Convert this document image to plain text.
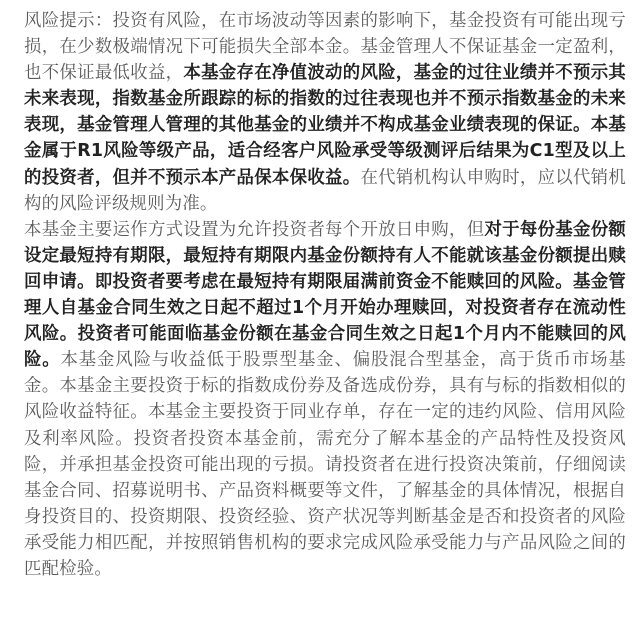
风险提示：投资有风险，在市场波动等因素的影响下，基金投资有可能出现亏损，在少数极端情况下可能损失全部本金。基金管理人不保证基金一定盈利，也不保证最低收益，本基金存在净值波动的风险，基金的过往业绩并不预示其未来表现，指数基金所跟踪的标的指数的过往表现也并不预示指数基金的未来表现，基金管理人管理的其他基金的业绩并不构成基金业绩表现的保证。本基金属于R1风险等级产品，适合经客户风险承受等级测评后结果为C1型及以上的投资者，但并不预示本产品保本保收益。在代销机构认申购时，应以代销机构的风险评级规则为准。

本基金主要运作方式设置为允许投资者每个开放日申购，但对于每份基金份额设定最短持有期限，最短持有期限内基金份额持有人不能就该基金份额提出赎回申请。即投资者要考虑在最短持有期限届满前资金不能赎回的风险。基金管理人自基金合同生效之日起不超过1个月开始办理赎回，对投资者存在流动性风险。投资者可能面临基金份额在基金合同生效之日起1个月内不能赎回的风险。本基金风险与收益低于股票型基金、偏股混合型基金，高于货币市场基金。本基金主要投资于标的指数成份券及备选成份券，具有与标的指数相似的风险收益特征。本基金主要投资于同业存单，存在一定的违约风险、信用风险及利率风险。投资者投资本基金前，需充分了解本基金的产品特性及投资风险，并承担基金投资可能出现的亏损。请投资者在进行投资决策前，仔细阅读基金合同、招募说明书、产品资料概要等文件，了解基金的具体情况，根据自身投资目的、投资期限、投资经验、资产状况等判断基金是否和投资者的风险承受能力相匹配，并按照销售机构的要求完成风险承受能力与产品风险之间的匹配检验。
